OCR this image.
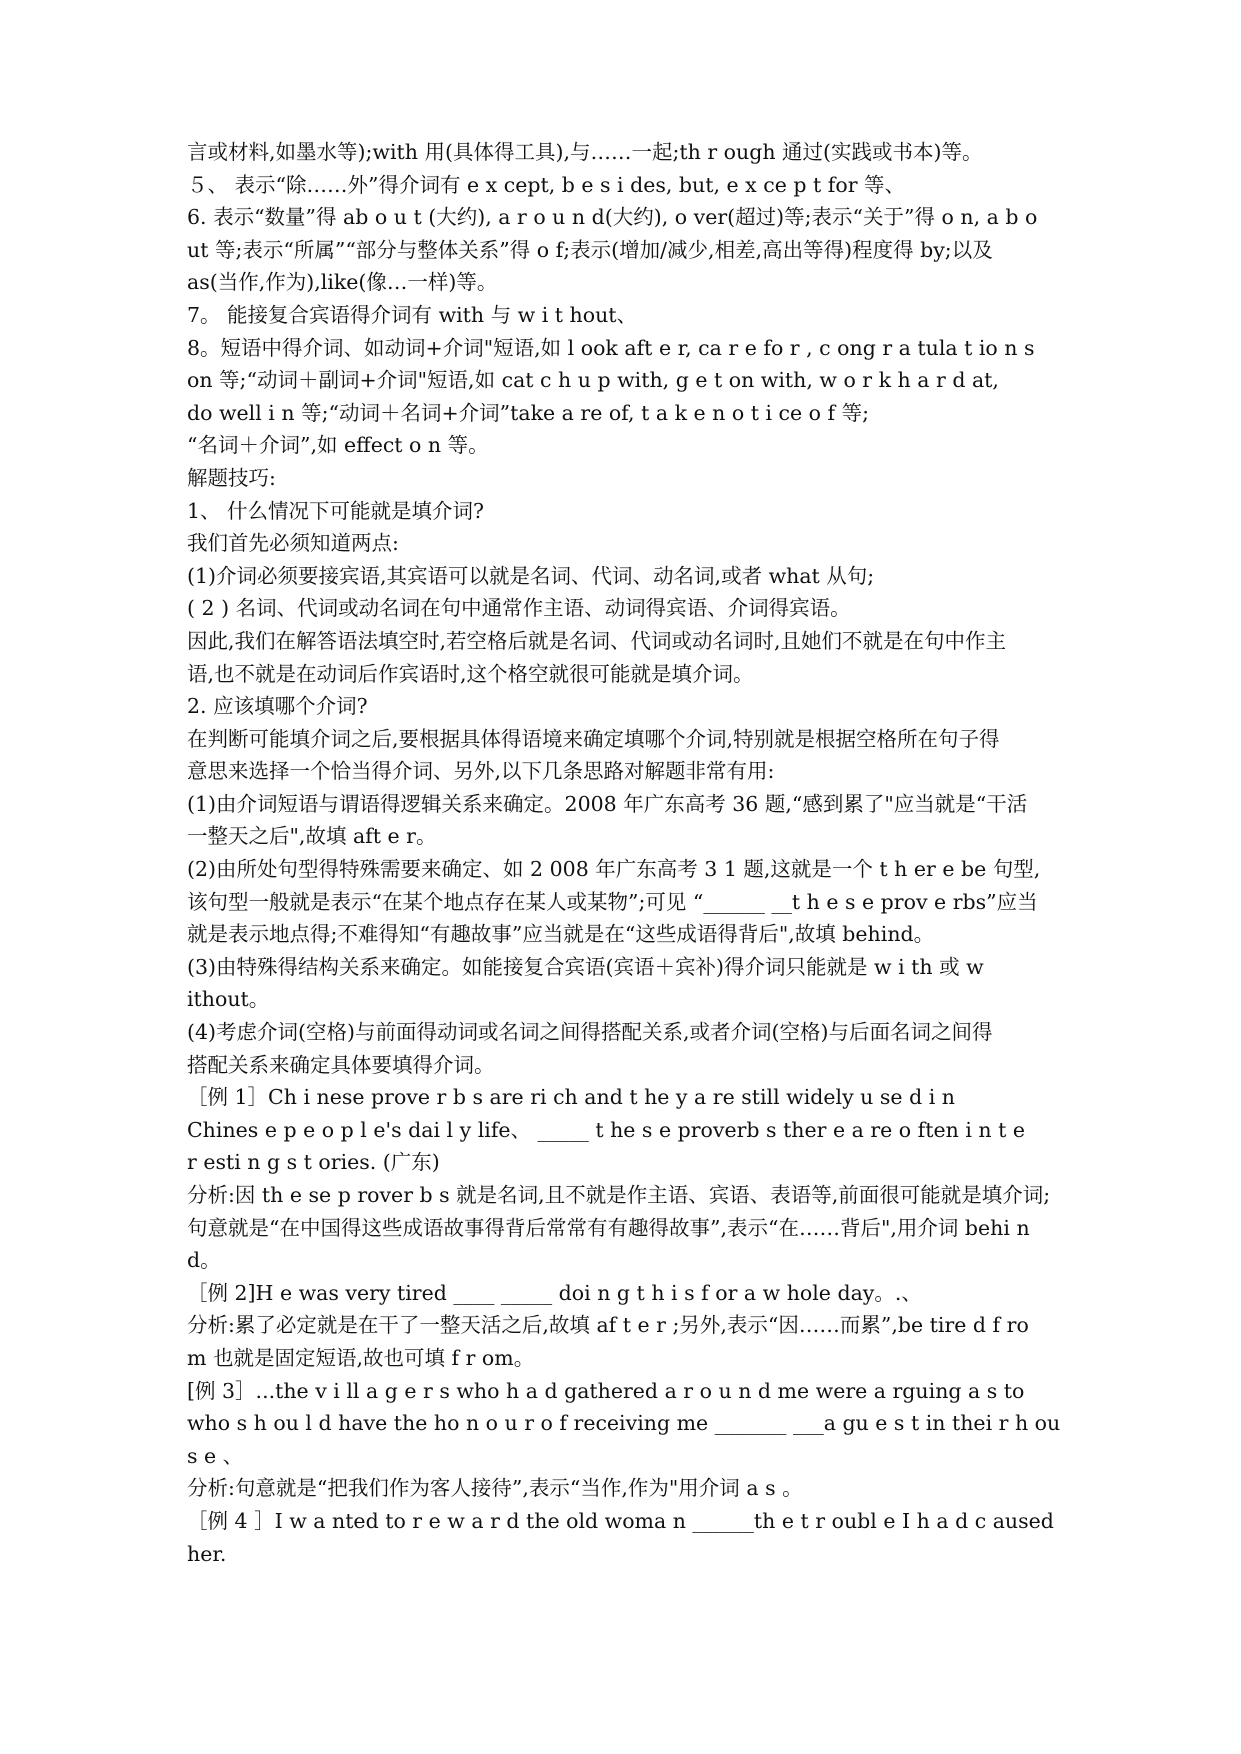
言或材料,如墨水等);with 用(具体得工具),与……一起;th r ough 通过(实践或书本)等。
５、 表示“除……外”得介词有 e x cept, b e s i des, but, e x ce p t for 等、
6. 表示“数量”得 ab o u t (大约), a r o u n d(大约), o ver(超过)等;表示“关于”得 o n, a b o
ut 等;表示“所属”“部分与整体关系”得 o f;表示(增加/减少,相差,高出等得)程度得 by;以及
as(当作,作为),like(像…一样)等。
7。 能接复合宾语得介词有 with 与 w i t hout、
8。短语中得介词、如动词+介词"短语,如 l ook aft e r, ca r e fo r , c ong r a tula t io n s
on 等;“动词＋副词+介词"短语,如 cat c h u p with, g e t on with, w o r k h a r d at,
do well i n 等;“动词＋名词+介词”take a re of, t a k e n o t i ce o f 等;
“名词＋介词”,如 effect o n 等。
解题技巧:
1、 什么情况下可能就是填介词?
我们首先必须知道两点:
(1)介词必须要接宾语,其宾语可以就是名词、代词、动名词,或者 what 从句;
( 2 ) 名词、代词或动名词在句中通常作主语、动词得宾语、介词得宾语。
因此,我们在解答语法填空时,若空格后就是名词、代词或动名词时,且她们不就是在句中作主
语,也不就是在动词后作宾语时,这个格空就很可能就是填介词。
2. 应该填哪个介词?
在判断可能填介词之后,要根据具体得语境来确定填哪个介词,特别就是根据空格所在句子得
意思来选择一个恰当得介词、另外,以下几条思路对解题非常有用:
(1)由介词短语与谓语得逻辑关系来确定。2008 年广东高考 36 题,“感到累了"应当就是“干活
一整天之后",故填 aft e r。
(2)由所处句型得特殊需要来确定、如 2 008 年广东高考 3 1 题,这就是一个 t h er e be 句型,
该句型一般就是表示“在某个地点存在某人或某物”;可见 “______ __t h e s e prov e rbs”应当
就是表示地点得;不难得知“有趣故事”应当就是在“这些成语得背后",故填 behind。
(3)由特殊得结构关系来确定。如能接复合宾语(宾语＋宾补)得介词只能就是 w i th 或 w
ithout。
(4)考虑介词(空格)与前面得动词或名词之间得搭配关系,或者介词(空格)与后面名词之间得
搭配关系来确定具体要填得介词。
［例 1］Ch i nese prove r b s are ri ch and t he y a re still widely u se d i n
Chines e p e o p l e's dai l y life、 _____ t he s e proverb s ther e a re o ften i n t e
r esti n g s t ories. (广东)
分析:因 th e se p rover b s 就是名词,且不就是作主语、宾语、表语等,前面很可能就是填介词;
句意就是“在中国得这些成语故事得背后常常有有趣得故事”,表示“在……背后",用介词 behi n
d。
［例 2]H e was very tired ____ _____ doi n g t h i s f or a w hole day。.、
分析:累了必定就是在干了一整天活之后,故填 af t e r ;另外,表示“因……而累”,be tire d f ro
m 也就是固定短语,故也可填 f r om。
[例 3］...the v i ll a g e r s who h a d gathered a r o u n d me were a rguing a s to
who s h ou l d have the ho n o u r o f receiving me _______ ___a gu e s t in thei r h ou
s e 、
分析:句意就是“把我们作为客人接待”,表示“当作,作为"用介词 a s 。
［例 4 ］I w a nted to r e w a r d the old woma n ______th e t r oubl e I h a d c aused
her.
